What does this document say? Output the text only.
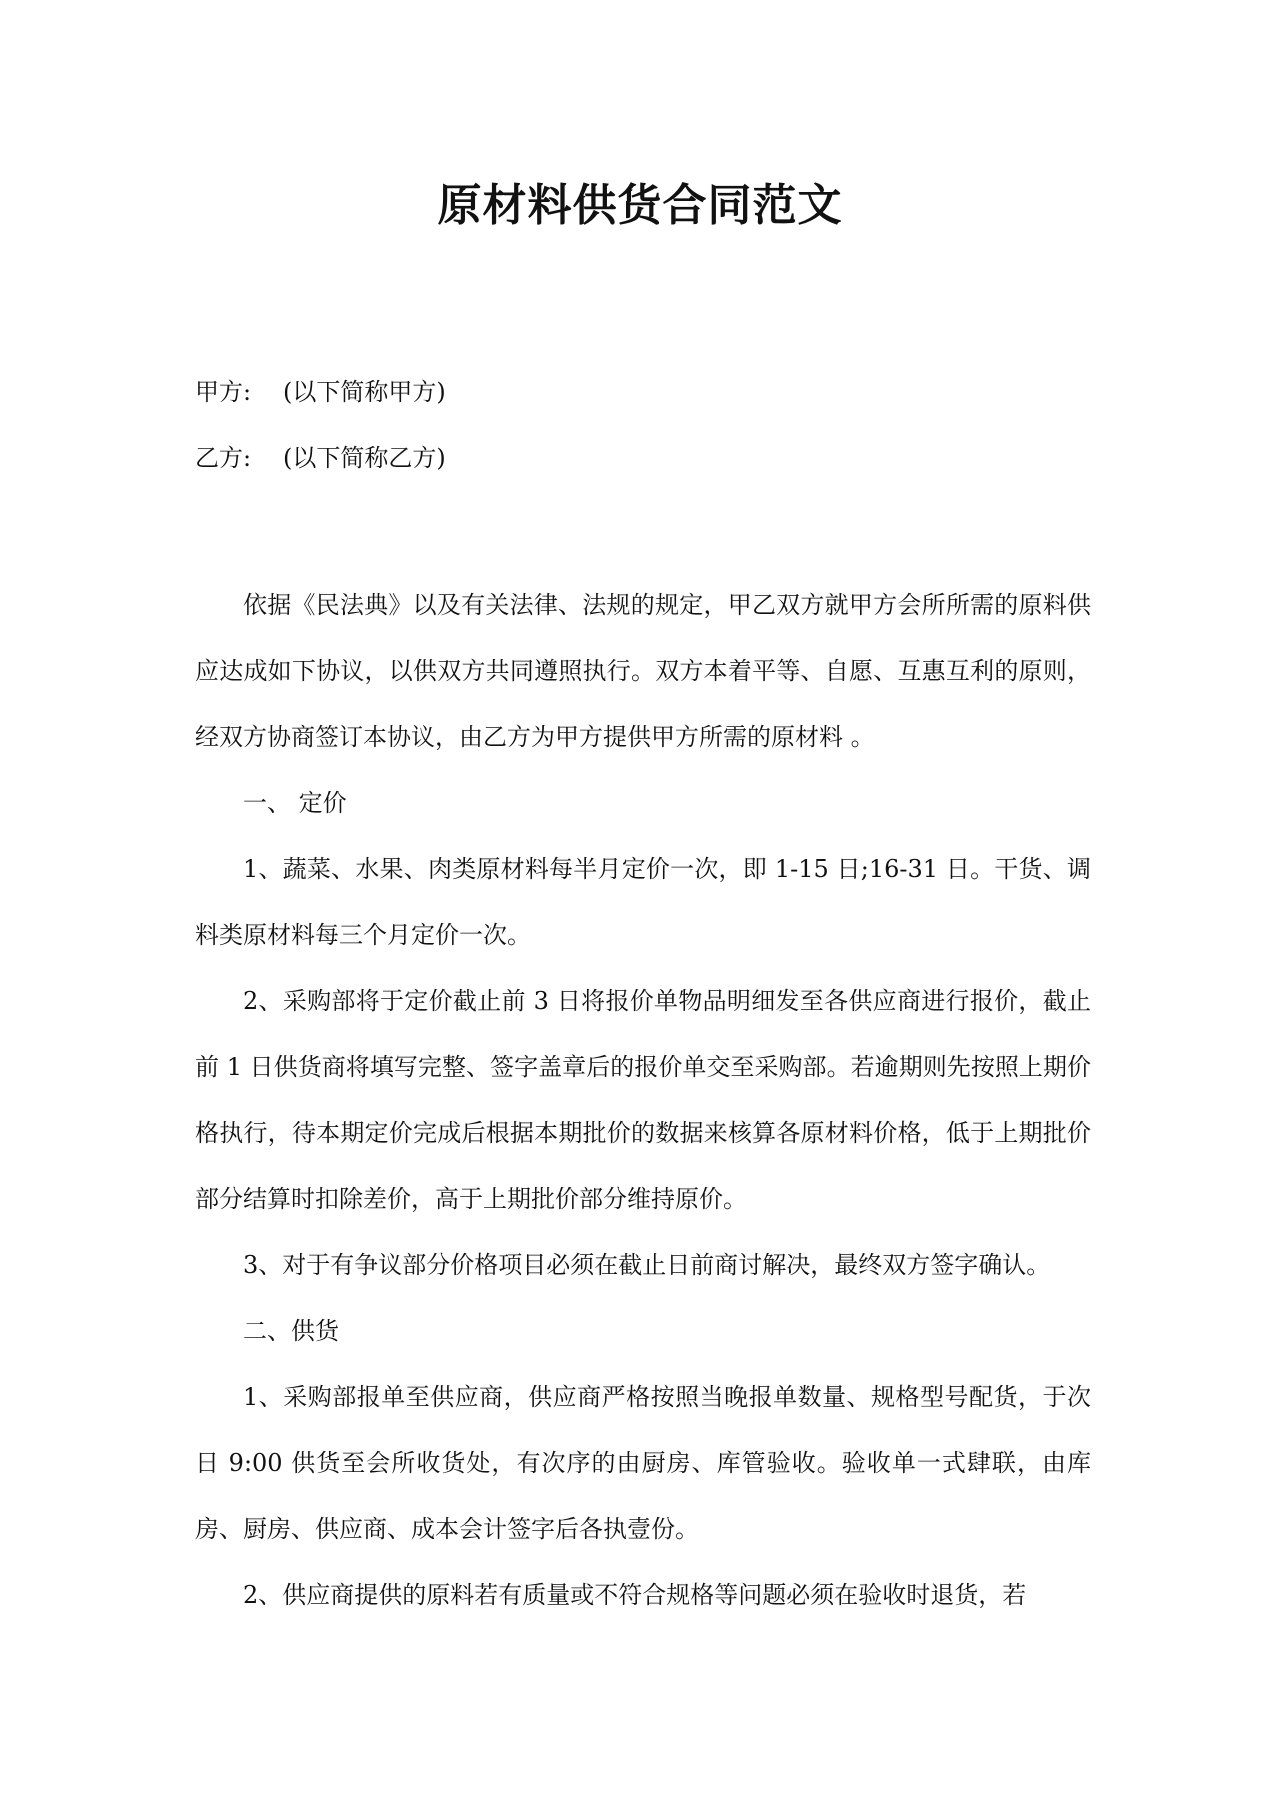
原材料供货合同范文
甲方: (以下简称甲方)
乙方: (以下简称乙方)

依据《民法典》以及有关法律、法规的规定，甲乙双方就甲方会所所需的原料供应达成如下协议，以供双方共同遵照执行。双方本着平等、自愿、互惠互利的原则，经双方协商签订本协议，由乙方为甲方提供甲方所需的原材料 。

一、 定价

1、蔬菜、水果、肉类原材料每半月定价一次，即 1-15 日;16-31 日。干货、调料类原材料每三个月定价一次。

2、采购部将于定价截止前 3 日将报价单物品明细发至各供应商进行报价，截止前 1 日供货商将填写完整、签字盖章后的报价单交至采购部。若逾期则先按照上期价格执行，待本期定价完成后根据本期批价的数据来核算各原材料价格，低于上期批价部分结算时扣除差价，高于上期批价部分维持原价。

3、对于有争议部分价格项目必须在截止日前商讨解决，最终双方签字确认。

二、供货

1、采购部报单至供应商，供应商严格按照当晚报单数量、规格型号配货，于次日 9:00 供货至会所收货处，有次序的由厨房、库管验收。验收单一式肆联，由库房、厨房、供应商、成本会计签字后各执壹份。

2、供应商提供的原料若有质量或不符合规格等问题必须在验收时退货，若
